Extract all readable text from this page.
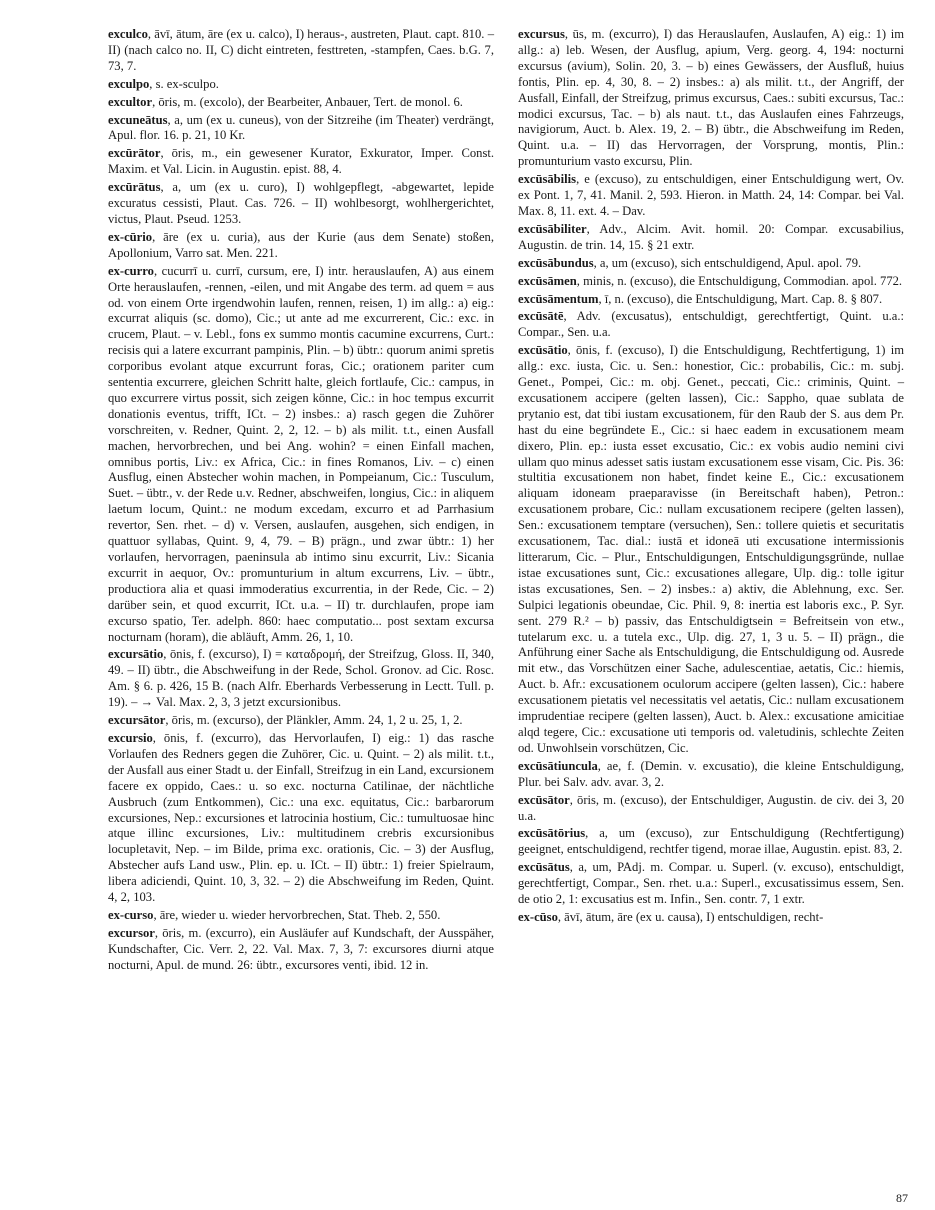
exculco, āvī, ātum, āre (ex u. calco), I) heraus-, austreten, Plaut. capt. 810. – II) (nach calco no. II, C) dicht eintreten, festtreten, -stampfen, Caes. b.G. 7, 73, 7.

exculpo, s. ex-sculpo.

excultor, ōris, m. (excolo), der Bearbeiter, Anbauer, Tert. de monol. 6.

excuneātus, a, um (ex u. cuneus), von der Sitzreihe (im Theater) verdrängt, Apul. flor. 16. p. 21, 10 Kr.

excūrātor, ōris, m., ein gewesener Kurator, Exkurator, Imper. Const. Maxim. et Val. Licin. in Augustin. epist. 88, 4.

excūrātus, a, um (ex u. curo), I) wohlgepflegt, -abgewartet, lepide excuratus cessisti, Plaut. Cas. 726. – II) wohlbesorgt, wohlhergerichtet, victus, Plaut. Pseud. 1253.

ex-cūrio, āre (ex u. curia), aus der Kurie (aus dem Senate) stoßen, Apollonium, Varro sat. Men. 221.

ex-curro, cucurrī u. currī, cursum, ere, I) intr. herauslaufen, A) aus einem Orte herauslaufen, -rennen, -eilen, und mit Angabe des term. ad quem = aus od. von einem Orte irgendwohin laufen, rennen, reisen, 1) im allg.: a) eig.: excurrat aliquis (sc. domo), Cic.; ut ante ad me excurrerent, Cic.: exc. in crucem, Plaut. – v. Lebl., fons ex summo montis cacumine excurrens, Curt.: recisis qui a latere excurrant pampinis, Plin. – b) übtr.: quorum animi spretis corporibus evolant atque excurrunt foras, Cic.; orationem pariter cum sententia excurrere, gleichen Schritt halte, gleich fortlaufe, Cic.: campus, in quo excurrere virtus possit, sich zeigen könne, Cic.: in hoc tempus excurrit donationis eventus, trifft, ICt. – 2) insbes.: a) rasch gegen die Zuhörer vorschreiten, v. Redner, Quint. 2, 2, 12. – b) als milit. t.t., einen Ausfall machen, hervorbrechen, und bei Ang. wohin? = einen Einfall machen, omnibus portis, Liv.: ex Africa, Cic.: in fines Romanos, Liv. – c) einen Ausflug, einen Abstecher wohin machen, in Pompeianum, Cic.: Tusculum, Suet. – übtr., v. der Rede u.v. Redner, abschweifen, longius, Cic.: in aliquem laetum locum, Quint.: ne modum excedam, excurro et ad Parrhasium revertor, Sen. rhet. – d) v. Versen, auslaufen, ausgehen, sich endigen, in quattuor syllabas, Quint. 9, 4, 79. – B) prägn., und zwar übtr.: 1) her vorlaufen, hervorragen, paeninsula ab intimo sinu excurrit, Liv.: Sicania excurrit in aequor, Ov.: promunturium in altum excurrens, Liv. – übtr., productiora alia et quasi immoderatius excurrentia, in der Rede, Cic. – 2) darüber sein, et quod excurrit, ICt. u.a. – II) tr. durchlaufen, prope iam excurso spatio, Ter. adelph. 860: haec computatio... post sextam excursa nocturnam (horam), die abläuft, Amm. 26, 1, 10.

excursātio, ōnis, f. (excurso), I) = καταδρομή, der Streifzug, Gloss. II, 340, 49. – II) übtr., die Abschweifung in der Rede, Schol. Gronov. ad Cic. Rosc. Am. § 6. p. 426, 15 B. (nach Alfr. Eberhards Verbesserung in Lectt. Tull. p. 19). – → Val. Max. 2, 3, 3 jetzt excursionibus.

excursātor, ōris, m. (excurso), der Plänkler, Amm. 24, 1, 2 u. 25, 1, 2.

excursio, ōnis, f. (excurro), das Hervorlaufen, I) eig.: 1) das rasche Vorlaufen des Redners gegen die Zuhörer, Cic. u. Quint. – 2) als milit. t.t., der Ausfall aus einer Stadt u. der Einfall, Streifzug in ein Land, excursionem facere ex oppido, Caes.: u. so exc. nocturna Catilinae, der nächtliche Ausbruch (zum Entkommen), Cic.: una exc. equitatus, Cic.: barbarorum excursiones, Nep.: excursiones et latrocinia hostium, Cic.: tumultuosae hinc atque illinc excursiones, Liv.: multitudinem crebris excursionibus locupletavit, Nep. – im Bilde, prima exc. orationis, Cic. – 3) der Ausflug, Abstecher aufs Land usw., Plin. ep. u. ICt. – II) übtr.: 1) freier Spielraum, libera adiciendi, Quint. 10, 3, 32. – 2) die Abschweifung im Reden, Quint. 4, 2, 103.

ex-curso, āre, wieder u. wieder hervorbrechen, Stat. Theb. 2, 550.

excursor, ōris, m. (excurro), ein Ausläufer auf Kundschaft, der Ausspäher, Kundschafter, Cic. Verr. 2, 22. Val. Max. 7, 3, 7: excursores diurni atque nocturni, Apul. de mund. 26: übtr., excursores venti, ibid. 12 in.

excursus, ūs, m. (excurro), I) das Herauslaufen, Auslaufen, A) eig.: 1) im allg.: a) leb. Wesen, der Ausflug, apium, Verg. georg. 4, 194: nocturni excursus (avium), Solin. 20, 3. – b) eines Gewässers, der Ausfluß, huius fontis, Plin. ep. 4, 30, 8. – 2) insbes.: a) als milit. t.t., der Angriff, der Ausfall, Einfall, der Streifzug, primus excursus, Caes.: subiti excursus, Tac.: modici excursus, Tac. – b) als naut. t.t., das Auslaufen eines Fahrzeugs, navigiorum, Auct. b. Alex. 19, 2. – B) übtr., die Abschweifung im Reden, Quint. u.a. – II) das Hervorragen, der Vorsprung, montis, Plin.: promunturium vasto excursu, Plin.

excūsābilis, e (excuso), zu entschuldigen, einer Entschuldigung wert, Ov. ex Pont. 1, 7, 41. Manil. 2, 593. Hieron. in Matth. 24, 14: Compar. bei Val. Max. 8, 11. ext. 4. – Dav.

excūsābiliter, Adv., Alcim. Avit. homil. 20: Compar. excusabilius, Augustin. de trin. 14, 15. § 21 extr.

excūsābundus, a, um (excuso), sich entschuldigend, Apul. apol. 79.

excūsāmen, minis, n. (excuso), die Entschuldigung, Commodian. apol. 772.

excūsāmentum, ī, n. (excuso), die Entschuldigung, Mart. Cap. 8. § 807.

excūsātē, Adv. (excusatus), entschuldigt, gerechtfertigt, Quint. u.a.: Compar., Sen. u.a.

excūsātio, ōnis, f. (excuso), I) die Entschuldigung, Rechtfertigung, 1) im allg.: exc. iusta, Cic. u. Sen.: honestior, Cic.: probabilis, Cic.: m. subj. Genet., Pompei, Cic.: m. obj. Genet., peccati, Cic.: criminis, Quint. – excusationem accipere (gelten lassen), Cic.: Sappho, quae sublata de prytanio est, dat tibi iustam excusationem, für den Raub der S. aus dem Pr. hast du eine begründete E., Cic.: si haec eadem in excusationem meam dixero, Plin. ep.: iusta esset excusatio, Cic.: ex vobis audio nemini civi ullam quo minus adesset satis iustam excusationem esse visam, Cic. Pis. 36: stultitia excusationem non habet, findet keine E., Cic.: excusationem aliquam idoneam praeparavisse (in Bereitschaft haben), Petron.: excusationem probare, Cic.: nullam excusationem recipere (gelten lassen), Sen.: excusationem temptare (versuchen), Sen.: tollere quietis et securitatis excusationem, Tac. dial.: iustā et idoneā uti excusatione intermissionis litterarum, Cic. – Plur., Entschuldigungen, Entschuldigungsgründe, nullae istae excusationes sunt, Cic.: excusationes allegare, Ulp. dig.: tolle igitur istas excusationes, Sen. – 2) insbes.: a) aktiv, die Ablehnung, exc. Ser. Sulpici legationis obeundae, Cic. Phil. 9, 8: inertia est laboris exc., P. Syr. sent. 279 R.² – b) passiv, das Entschuldigtsein = Befreitsein von etw., tutelarum exc. u. a tutela exc., Ulp. dig. 27, 1, 3 u. 5. – II) prägn., die Anführung einer Sache als Entschuldigung, die Entschuldigung od. Ausrede mit etw., das Vorschützen einer Sache, adulescentiae, aetatis, Cic.: hiemis, Auct. b. Afr.: excusationem oculorum accipere (gelten lassen), Cic.: habere excusationem pietatis vel necessitatis vel aetatis, Cic.: nullam excusationem imprudentiae recipere (gelten lassen), Auct. b. Alex.: excusatione amicitiae alqd tegere, Cic.: excusatione uti temporis od. valetudinis, schlechte Zeiten od. Unwohlsein vorschützen, Cic.

excūsātiuncula, ae, f. (Demin. v. excusatio), die kleine Entschuldigung, Plur. bei Salv. adv. avar. 3, 2.

excūsātor, ōris, m. (excuso), der Entschuldiger, Augustin. de civ. dei 3, 20 u.a.

excūsātōrius, a, um (excuso), zur Entschuldigung (Rechtfertigung) geeignet, entschuldigend, rechtfer tigend, morae illae, Augustin. epist. 83, 2.

excūsātus, a, um, PAdj. m. Compar. u. Superl. (v. excuso), entschuldigt, gerechtfertigt, Compar., Sen. rhet. u.a.: Superl., excusatissimus essem, Sen. de otio 2, 1: excusatius est m. Infin., Sen. contr. 7, 1 extr.

ex-cūso, āvī, ātum, āre (ex u. causa), I) entschuldigen, recht-

87
